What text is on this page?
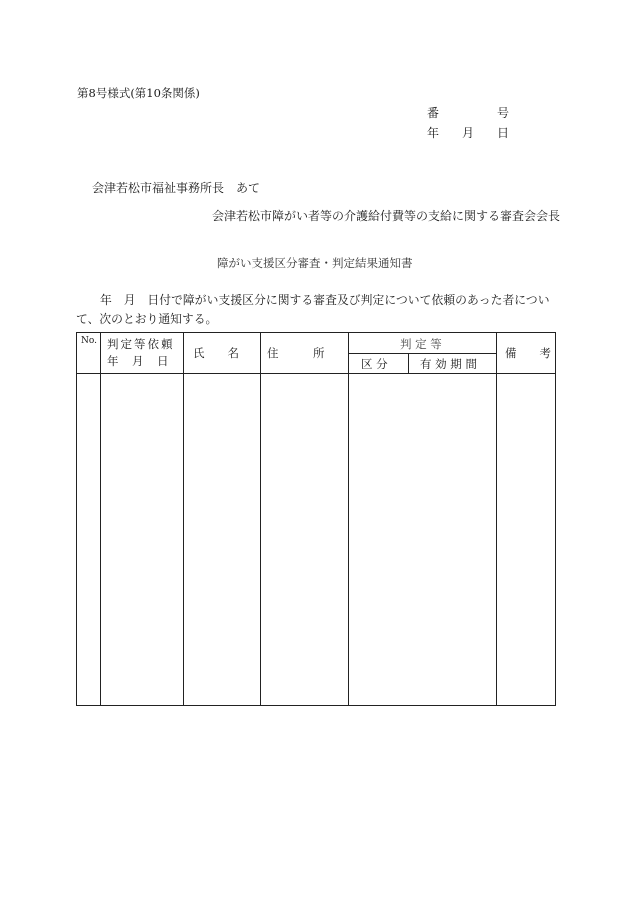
第8号様式(第10条関係)
番	号
年 月 日
会津若松市福祉事務所長　あて
会津若松市障がい者等の介護給付費等の支給に関する審査会会長
障がい支援区分審査・判定結果通知書
年　月　日付で障がい支援区分に関する審査及び判定について依頼のあった者につい
て、次のとおり通知する。
No. 判定等依頼
年　月　日
氏　　名 住　　　所
判 定 等
区 分	有 効 期 間
備　　考
